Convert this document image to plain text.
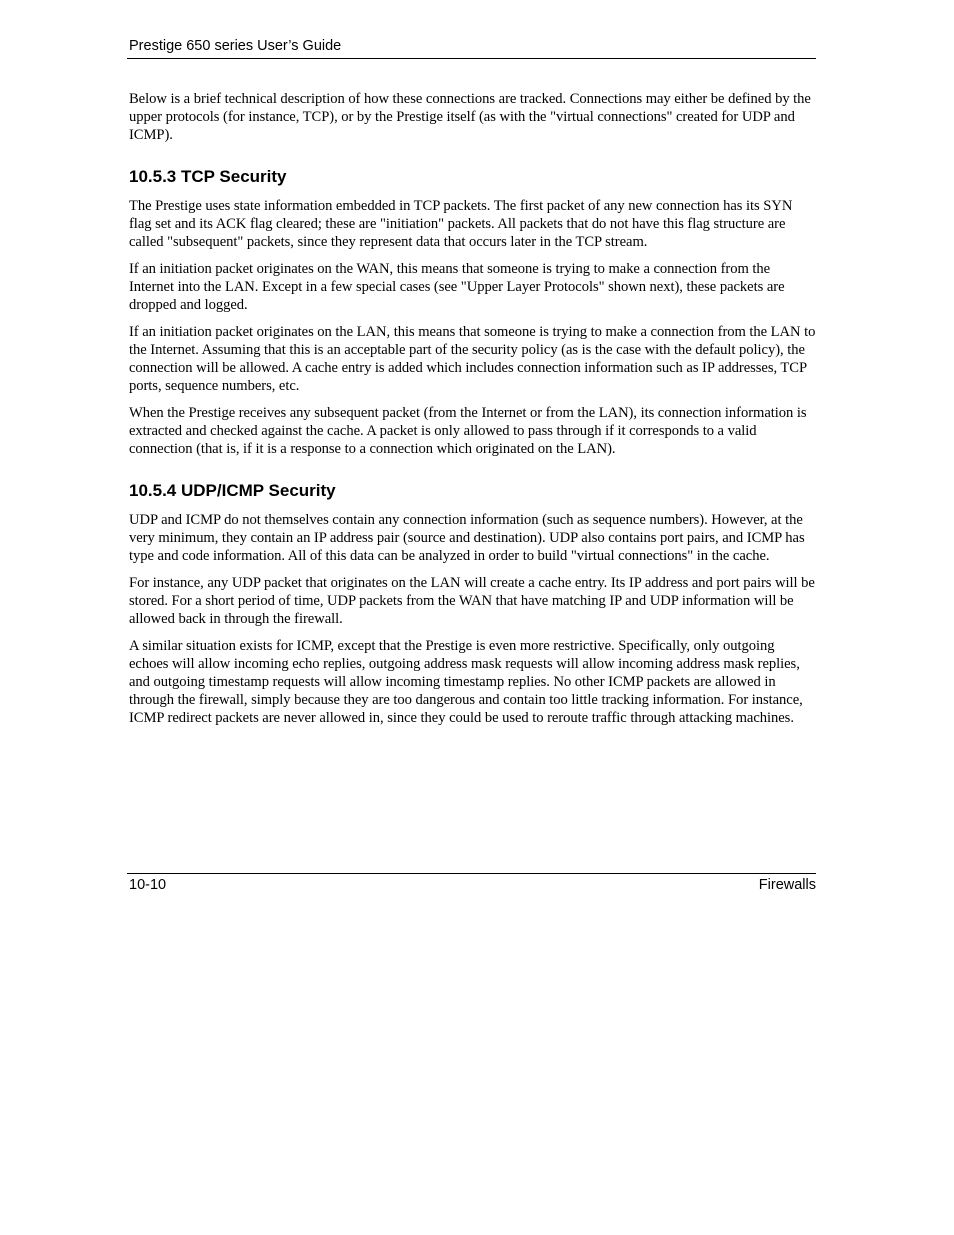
Prestige 650 series User’s Guide

Below is a brief technical description of how these connections are tracked. Connections may either be defined by the upper protocols (for instance, TCP), or by the Prestige itself (as with the "virtual connections" created for UDP and ICMP).

10.5.3 TCP Security

The Prestige uses state information embedded in TCP packets. The first packet of any new connection has its SYN flag set and its ACK flag cleared; these are "initiation" packets. All packets that do not have this flag structure are called "subsequent" packets, since they represent data that occurs later in the TCP stream.

If an initiation packet originates on the WAN, this means that someone is trying to make a connection from the Internet into the LAN. Except in a few special cases (see "Upper Layer Protocols" shown next), these packets are dropped and logged.

If an initiation packet originates on the LAN, this means that someone is trying to make a connection from the LAN to the Internet. Assuming that this is an acceptable part of the security policy (as is the case with the default policy), the connection will be allowed. A cache entry is added which includes connection information such as IP addresses, TCP ports, sequence numbers, etc.

When the Prestige receives any subsequent packet (from the Internet or from the LAN), its connection information is extracted and checked against the cache. A packet is only allowed to pass through if it corresponds to a valid connection (that is, if it is a response to a connection which originated on the LAN).

10.5.4 UDP/ICMP Security

UDP and ICMP do not themselves contain any connection information (such as sequence numbers). However, at the very minimum, they contain an IP address pair (source and destination). UDP also contains port pairs, and ICMP has type and code information. All of this data can be analyzed in order to build "virtual connections" in the cache.

For instance, any UDP packet that originates on the LAN will create a cache entry. Its IP address and port pairs will be stored. For a short period of time, UDP packets from the WAN that have matching IP and UDP information will be allowed back in through the firewall.

A similar situation exists for ICMP, except that the Prestige is even more restrictive. Specifically, only outgoing echoes will allow incoming echo replies, outgoing address mask requests will allow incoming address mask replies, and outgoing timestamp requests will allow incoming timestamp replies. No other ICMP packets are allowed in through the firewall, simply because they are too dangerous and contain too little tracking information. For instance, ICMP redirect packets are never allowed in, since they could be used to reroute traffic through attacking machines.

10-10	Firewalls
